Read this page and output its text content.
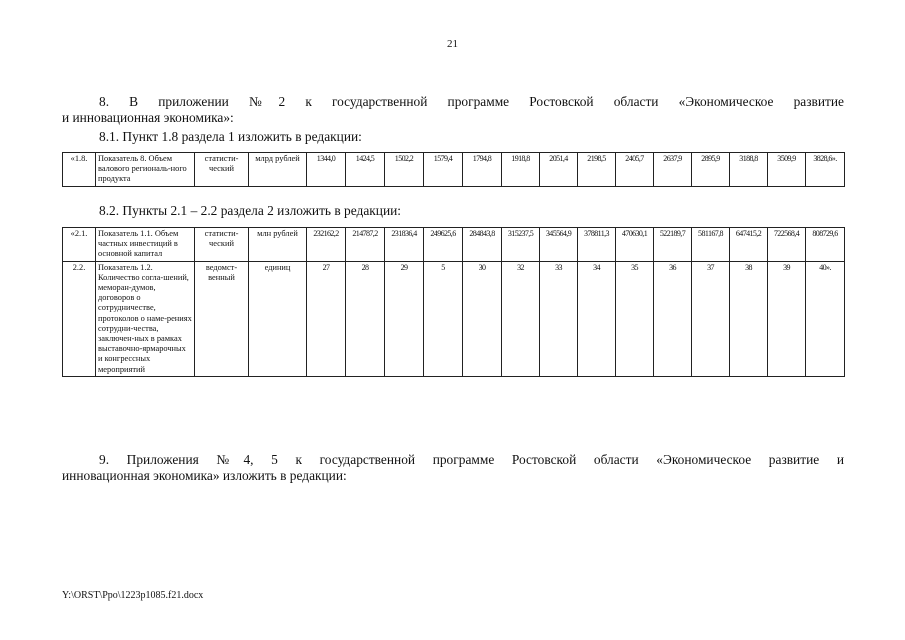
21
8. В приложении №2 к государственной программе Ростовской области «Экономическое развитие
и инновационная экономика»:
8.1. Пункт 1.8 раздела 1 изложить в редакции:
«1.8.	Показатель 8. Объем валового региональ-ного продукта	статисти-ческий	млрд рублей	1344,0	1424,5	1502,2	1579,4	1794,8	1918,8	2051,4	2198,5	2405,7	2637,9	2895,9	3188,8	3509,9	3828,6».
8.2. Пункты 2.1 – 2.2 раздела 2 изложить в редакции:
«2.1.	Показатель 1.1. Объем частных инвестиций в основной капитал	статисти-ческий	млн рублей	232162,2	214787,2	231836,4	249625,6	284843,8	315237,5	345564,9	378811,3	470630,1	522189,7	581167,8	647415,2	722568,4	808729,6
2.2.	Показатель 1.2. Количество согла-шений, меморан-думов, договоров о сотрудничестве, протоколов о наме-рениях сотрудни-чества, заключен-ных в рамках выставочно-ярмарочных и конгрессных мероприятий	ведомст-венный	единиц	27	28	29	5	30	32	33	34	35	36	37	38	39	40».
9. Приложения №4, 5 к государственной программе Ростовской области «Экономическое развитие и
инновационная экономика» изложить в редакции:
Y:\ORST\Ppo\1223p1085.f21.docx
